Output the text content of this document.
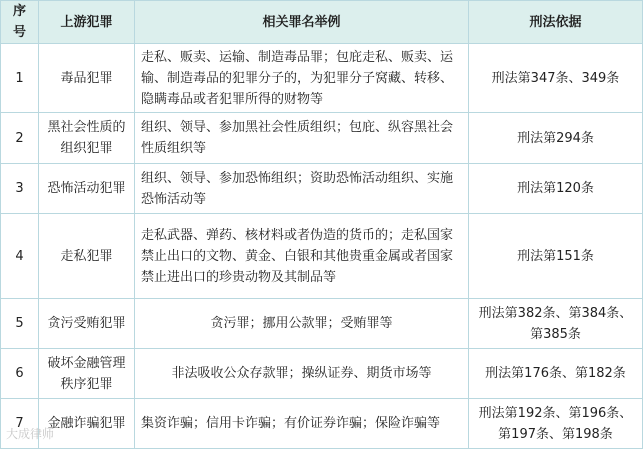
序号	上游犯罪	相关罪名举例	刑法依据
1	毒品犯罪	走私、贩卖、运输、制造毒品罪；包庇走私、贩卖、运输、制造毒品的犯罪分子的，为犯罪分子窝藏、转移、隐瞒毒品或者犯罪所得的财物等	刑法第347条、349条
2	黑社会性质的组织犯罪	组织、领导、参加黑社会性质组织；包庇、纵容黑社会性质组织等	刑法第294条
3	恐怖活动犯罪	组织、领导、参加恐怖组织；资助恐怖活动组织、实施恐怖活动等	刑法第120条
4	走私犯罪	走私武器、弹药、核材料或者伪造的货币的；走私国家禁止出口的文物、黄金、白银和其他贵重金属或者国家禁止进出口的珍贵动物及其制品等	刑法第151条
5	贪污受贿犯罪	贪污罪；挪用公款罪；受贿罪等	刑法第382条、第384条、第385条
6	破坏金融管理秩序犯罪	非法吸收公众存款罪；操纵证券、期货市场等	刑法第176条、第182条
7	金融诈骗犯罪	集资诈骗；信用卡诈骗；有价证券诈骗；保险诈骗等	刑法第192条、第196条、第197条、第198条
大成律师
